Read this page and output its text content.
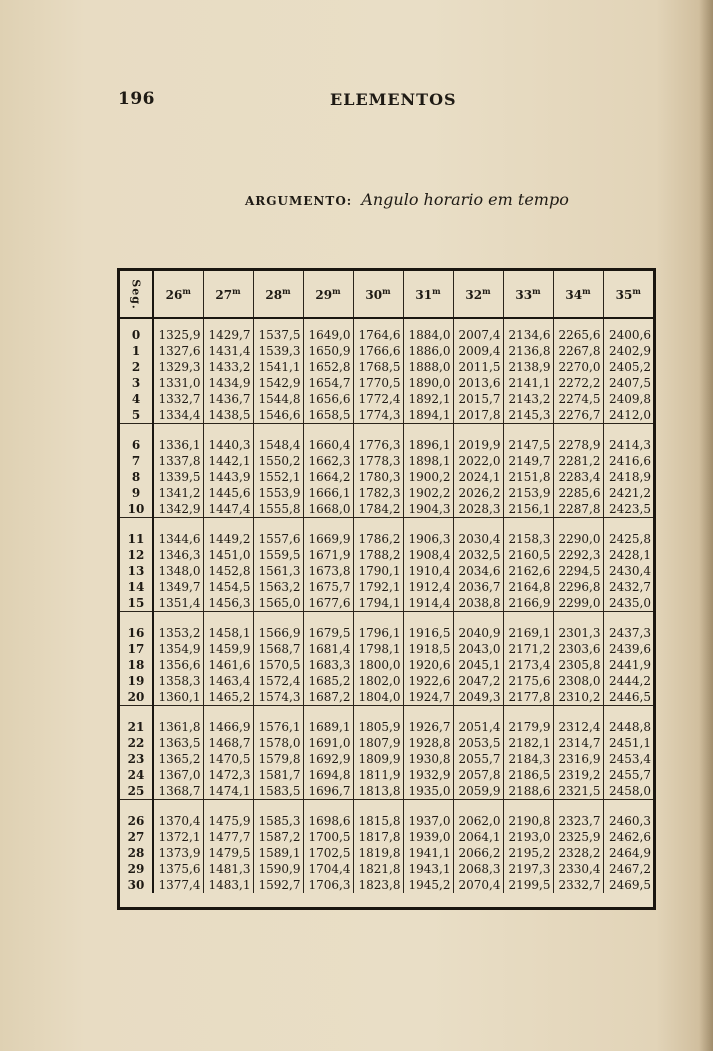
196	ELEMENTOS
ARGUMENTO: Angulo horario em tempo
Seg.	26$^m$	27$^m$	28$^m$	29$^m$	30$^m$	31$^m$	32$^m$	33$^m$	34$^m$	35$^m$

0	1325,9	1429,7	1537,5	1649,0	1764,6	1884,0	2007,4	2134,6	2265,6	2400,6
1	1327,6	1431,4	1539,3	1650,9	1766,6	1886,0	2009,4	2136,8	2267,8	2402,9
2	1329,3	1433,2	1541,1	1652,8	1768,5	1888,0	2011,5	2138,9	2270,0	2405,2
3	1331,0	1434,9	1542,9	1654,7	1770,5	1890,0	2013,6	2141,1	2272,2	2407,5
4	1332,7	1436,7	1544,8	1656,6	1772,4	1892,1	2015,7	2143,2	2274,5	2409,8
5	1334,4	1438,5	1546,6	1658,5	1774,3	1894,1	2017,8	2145,3	2276,7	2412,0

6	1336,1	1440,3	1548,4	1660,4	1776,3	1896,1	2019,9	2147,5	2278,9	2414,3
7	1337,8	1442,1	1550,2	1662,3	1778,3	1898,1	2022,0	2149,7	2281,2	2416,6
8	1339,5	1443,9	1552,1	1664,2	1780,3	1900,2	2024,1	2151,8	2283,4	2418,9
9	1341,2	1445,6	1553,9	1666,1	1782,3	1902,2	2026,2	2153,9	2285,6	2421,2
10	1342,9	1447,4	1555,8	1668,0	1784,2	1904,3	2028,3	2156,1	2287,8	2423,5

11	1344,6	1449,2	1557,6	1669,9	1786,2	1906,3	2030,4	2158,3	2290,0	2425,8
12	1346,3	1451,0	1559,5	1671,9	1788,2	1908,4	2032,5	2160,5	2292,3	2428,1
13	1348,0	1452,8	1561,3	1673,8	1790,1	1910,4	2034,6	2162,6	2294,5	2430,4
14	1349,7	1454,5	1563,2	1675,7	1792,1	1912,4	2036,7	2164,8	2296,8	2432,7
15	1351,4	1456,3	1565,0	1677,6	1794,1	1914,4	2038,8	2166,9	2299,0	2435,0

16	1353,2	1458,1	1566,9	1679,5	1796,1	1916,5	2040,9	2169,1	2301,3	2437,3
17	1354,9	1459,9	1568,7	1681,4	1798,1	1918,5	2043,0	2171,2	2303,6	2439,6
18	1356,6	1461,6	1570,5	1683,3	1800,0	1920,6	2045,1	2173,4	2305,8	2441,9
19	1358,3	1463,4	1572,4	1685,2	1802,0	1922,6	2047,2	2175,6	2308,0	2444,2
20	1360,1	1465,2	1574,3	1687,2	1804,0	1924,7	2049,3	2177,8	2310,2	2446,5

21	1361,8	1466,9	1576,1	1689,1	1805,9	1926,7	2051,4	2179,9	2312,4	2448,8
22	1363,5	1468,7	1578,0	1691,0	1807,9	1928,8	2053,5	2182,1	2314,7	2451,1
23	1365,2	1470,5	1579,8	1692,9	1809,9	1930,8	2055,7	2184,3	2316,9	2453,4
24	1367,0	1472,3	1581,7	1694,8	1811,9	1932,9	2057,8	2186,5	2319,2	2455,7
25	1368,7	1474,1	1583,5	1696,7	1813,8	1935,0	2059,9	2188,6	2321,5	2458,0

26	1370,4	1475,9	1585,3	1698,6	1815,8	1937,0	2062,0	2190,8	2323,7	2460,3
27	1372,1	1477,7	1587,2	1700,5	1817,8	1939,0	2064,1	2193,0	2325,9	2462,6
28	1373,9	1479,5	1589,1	1702,5	1819,8	1941,1	2066,2	2195,2	2328,2	2464,9
29	1375,6	1481,3	1590,9	1704,4	1821,8	1943,1	2068,3	2197,3	2330,4	2467,2
30	1377,4	1483,1	1592,7	1706,3	1823,8	1945,2	2070,4	2199,5	2332,7	2469,5
